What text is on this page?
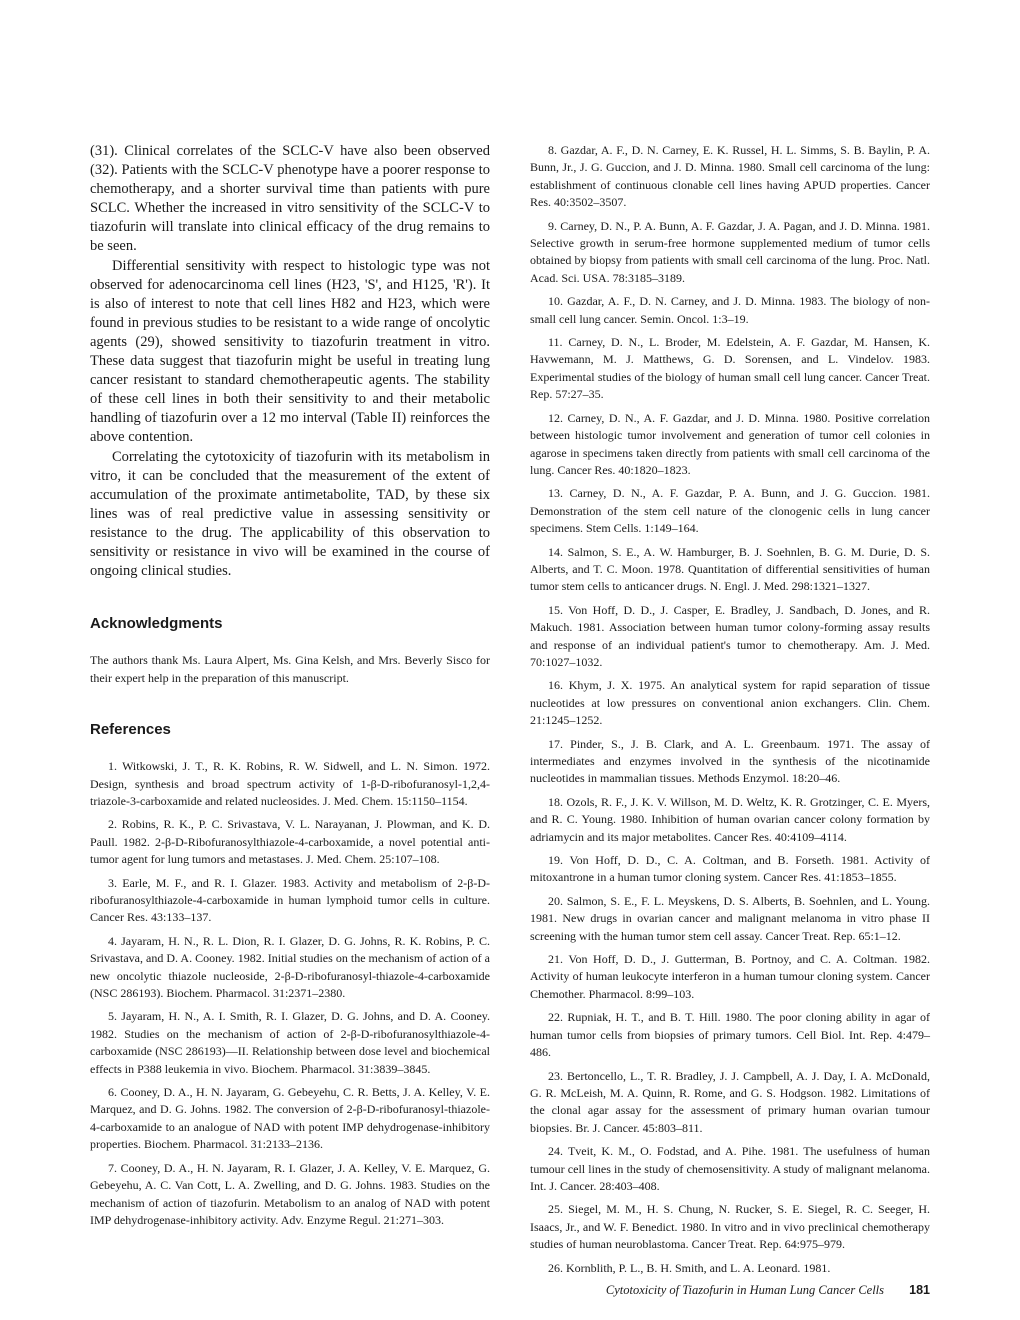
(31). Clinical correlates of the SCLC-V have also been observed (32). Patients with the SCLC-V phenotype have a poorer response to chemotherapy, and a shorter survival time than patients with pure SCLC. Whether the increased in vitro sensitivity of the SCLC-V to tiazofurin will translate into clinical efficacy of the drug remains to be seen.

Differential sensitivity with respect to histologic type was not observed for adenocarcinoma cell lines (H23, 'S', and H125, 'R'). It is also of interest to note that cell lines H82 and H23, which were found in previous studies to be resistant to a wide range of oncolytic agents (29), showed sensitivity to tiazofurin treatment in vitro. These data suggest that tiazofurin might be useful in treating lung cancer resistant to standard chemotherapeutic agents. The stability of these cell lines in both their sensitivity to and their metabolic handling of tiazofurin over a 12 mo interval (Table II) reinforces the above contention.

Correlating the cytotoxicity of tiazofurin with its metabolism in vitro, it can be concluded that the measurement of the extent of accumulation of the proximate antimetabolite, TAD, by these six lines was of real predictive value in assessing sensitivity or resistance to the drug. The applicability of this observation to sensitivity or resistance in vivo will be examined in the course of ongoing clinical studies.

Acknowledgments

The authors thank Ms. Laura Alpert, Ms. Gina Kelsh, and Mrs. Beverly Sisco for their expert help in the preparation of this manuscript.

References

1. Witkowski, J. T., R. K. Robins, R. W. Sidwell, and L. N. Simon. 1972. Design, synthesis and broad spectrum activity of 1-β-D-ribofuranosyl-1,2,4-triazole-3-carboxamide and related nucleosides. J. Med. Chem. 15:1150–1154.

2. Robins, R. K., P. C. Srivastava, V. L. Narayanan, J. Plowman, and K. D. Paull. 1982. 2-β-D-Ribofuranosylthiazole-4-carboxamide, a novel potential anti-tumor agent for lung tumors and metastases. J. Med. Chem. 25:107–108.

3. Earle, M. F., and R. I. Glazer. 1983. Activity and metabolism of 2-β-D-ribofuranosylthiazole-4-carboxamide in human lymphoid tumor cells in culture. Cancer Res. 43:133–137.

4. Jayaram, H. N., R. L. Dion, R. I. Glazer, D. G. Johns, R. K. Robins, P. C. Srivastava, and D. A. Cooney. 1982. Initial studies on the mechanism of action of a new oncolytic thiazole nucleoside, 2-β-D-ribofuranosyl-thiazole-4-carboxamide (NSC 286193). Biochem. Pharmacol. 31:2371–2380.

5. Jayaram, H. N., A. I. Smith, R. I. Glazer, D. G. Johns, and D. A. Cooney. 1982. Studies on the mechanism of action of 2-β-D-ribofuranosylthiazole-4-carboxamide (NSC 286193)—II. Relationship between dose level and biochemical effects in P388 leukemia in vivo. Biochem. Pharmacol. 31:3839–3845.

6. Cooney, D. A., H. N. Jayaram, G. Gebeyehu, C. R. Betts, J. A. Kelley, V. E. Marquez, and D. G. Johns. 1982. The conversion of 2-β-D-ribofuranosyl-thiazole-4-carboxamide to an analogue of NAD with potent IMP dehydrogenase-inhibitory properties. Biochem. Pharmacol. 31:2133–2136.

7. Cooney, D. A., H. N. Jayaram, R. I. Glazer, J. A. Kelley, V. E. Marquez, G. Gebeyehu, A. C. Van Cott, L. A. Zwelling, and D. G. Johns. 1983. Studies on the mechanism of action of tiazofurin. Metabolism to an analog of NAD with potent IMP dehydrogenase-inhibitory activity. Adv. Enzyme Regul. 21:271–303.

8. Gazdar, A. F., D. N. Carney, E. K. Russel, H. L. Simms, S. B. Baylin, P. A. Bunn, Jr., J. G. Guccion, and J. D. Minna. 1980. Small cell carcinoma of the lung: establishment of continuous clonable cell lines having APUD properties. Cancer Res. 40:3502–3507.

9. Carney, D. N., P. A. Bunn, A. F. Gazdar, J. A. Pagan, and J. D. Minna. 1981. Selective growth in serum-free hormone supplemented medium of tumor cells obtained by biopsy from patients with small cell carcinoma of the lung. Proc. Natl. Acad. Sci. USA. 78:3185–3189.

10. Gazdar, A. F., D. N. Carney, and J. D. Minna. 1983. The biology of non-small cell lung cancer. Semin. Oncol. 1:3–19.

11. Carney, D. N., L. Broder, M. Edelstein, A. F. Gazdar, M. Hansen, K. Havwemann, M. J. Matthews, G. D. Sorensen, and L. Vindelov. 1983. Experimental studies of the biology of human small cell lung cancer. Cancer Treat. Rep. 57:27–35.

12. Carney, D. N., A. F. Gazdar, and J. D. Minna. 1980. Positive correlation between histologic tumor involvement and generation of tumor cell colonies in agarose in specimens taken directly from patients with small cell carcinoma of the lung. Cancer Res. 40:1820–1823.

13. Carney, D. N., A. F. Gazdar, P. A. Bunn, and J. G. Guccion. 1981. Demonstration of the stem cell nature of the clonogenic cells in lung cancer specimens. Stem Cells. 1:149–164.

14. Salmon, S. E., A. W. Hamburger, B. J. Soehnlen, B. G. M. Durie, D. S. Alberts, and T. C. Moon. 1978. Quantitation of differential sensitivities of human tumor stem cells to anticancer drugs. N. Engl. J. Med. 298:1321–1327.

15. Von Hoff, D. D., J. Casper, E. Bradley, J. Sandbach, D. Jones, and R. Makuch. 1981. Association between human tumor colony-forming assay results and response of an individual patient's tumor to chemotherapy. Am. J. Med. 70:1027–1032.

16. Khym, J. X. 1975. An analytical system for rapid separation of tissue nucleotides at low pressures on conventional anion exchangers. Clin. Chem. 21:1245–1252.

17. Pinder, S., J. B. Clark, and A. L. Greenbaum. 1971. The assay of intermediates and enzymes involved in the synthesis of the nicotinamide nucleotides in mammalian tissues. Methods Enzymol. 18:20–46.

18. Ozols, R. F., J. K. V. Willson, M. D. Weltz, K. R. Grotzinger, C. E. Myers, and R. C. Young. 1980. Inhibition of human ovarian cancer colony formation by adriamycin and its major metabolites. Cancer Res. 40:4109–4114.

19. Von Hoff, D. D., C. A. Coltman, and B. Forseth. 1981. Activity of mitoxantrone in a human tumor cloning system. Cancer Res. 41:1853–1855.

20. Salmon, S. E., F. L. Meyskens, D. S. Alberts, B. Soehnlen, and L. Young. 1981. New drugs in ovarian cancer and malignant melanoma in vitro phase II screening with the human tumor stem cell assay. Cancer Treat. Rep. 65:1–12.

21. Von Hoff, D. D., J. Gutterman, B. Portnoy, and C. A. Coltman. 1982. Activity of human leukocyte interferon in a human tumour cloning system. Cancer Chemother. Pharmacol. 8:99–103.

22. Rupniak, H. T., and B. T. Hill. 1980. The poor cloning ability in agar of human tumor cells from biopsies of primary tumors. Cell Biol. Int. Rep. 4:479–486.

23. Bertoncello, L., T. R. Bradley, J. J. Campbell, A. J. Day, I. A. McDonald, G. R. McLeish, M. A. Quinn, R. Rome, and G. S. Hodgson. 1982. Limitations of the clonal agar assay for the assessment of primary human ovarian tumour biopsies. Br. J. Cancer. 45:803–811.

24. Tveit, K. M., O. Fodstad, and A. Pihe. 1981. The usefulness of human tumour cell lines in the study of chemosensitivity. A study of malignant melanoma. Int. J. Cancer. 28:403–408.

25. Siegel, M. M., H. S. Chung, N. Rucker, S. E. Siegel, R. C. Seeger, H. Isaacs, Jr., and W. F. Benedict. 1980. In vitro and in vivo preclinical chemotherapy studies of human neuroblastoma. Cancer Treat. Rep. 64:975–979.

26. Kornblith, P. L., B. H. Smith, and L. A. Leonard. 1981.

Cytotoxicity of Tiazofurin in Human Lung Cancer Cells 181
